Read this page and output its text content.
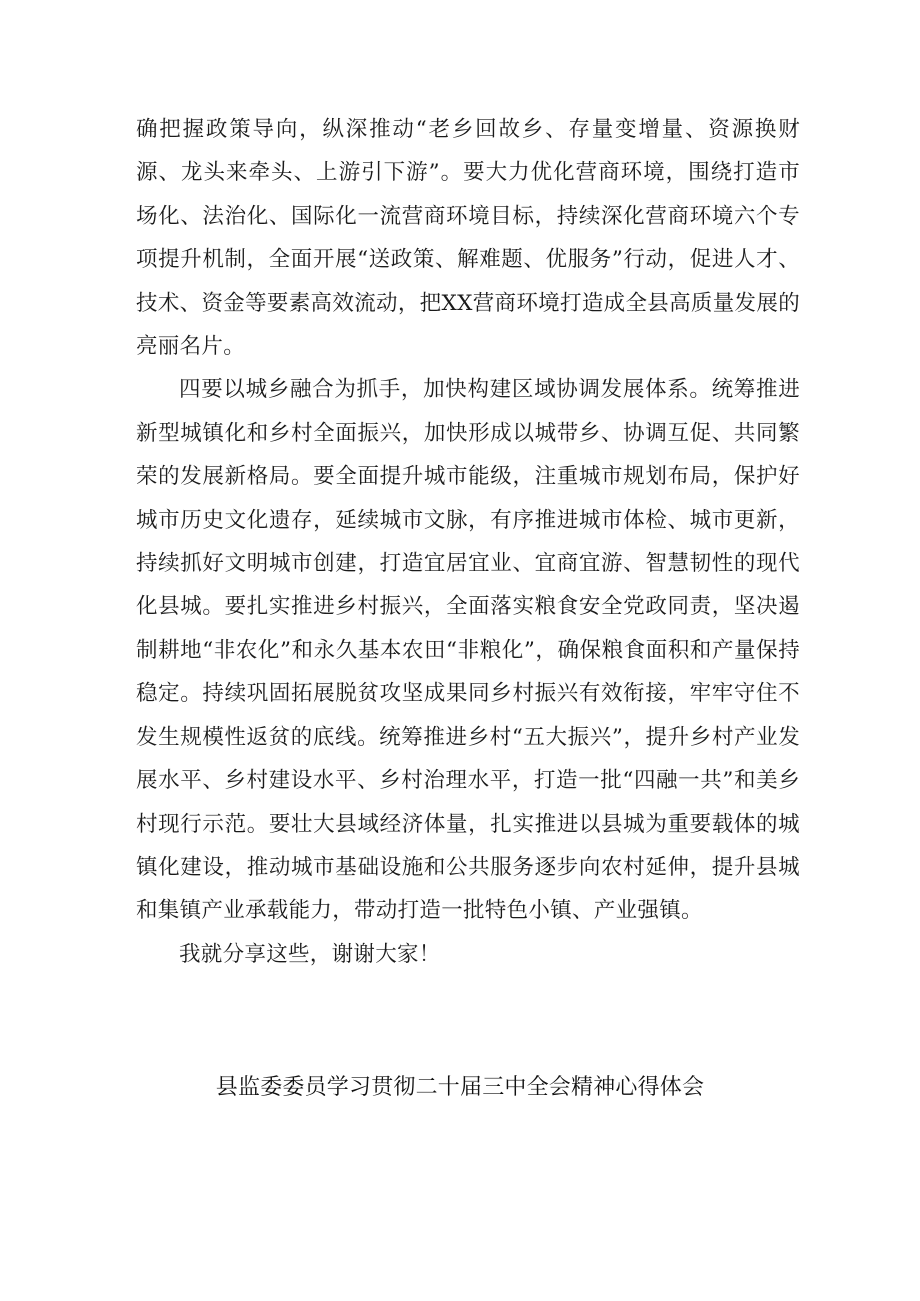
确把握政策导向，纵深推动“老乡回故乡、存量变增量、资源换财源、龙头来牵头、上游引下游”。要大力优化营商环境，围绕打造市场化、法治化、国际化一流营商环境目标，持续深化营商环境六个专项提升机制，全面开展“送政策、解难题、优服务”行动，促进人才、技术、资金等要素高效流动，把XX营商环境打造成全县高质量发展的亮丽名片。

四要以城乡融合为抓手，加快构建区域协调发展体系。统筹推进新型城镇化和乡村全面振兴，加快形成以城带乡、协调互促、共同繁荣的发展新格局。要全面提升城市能级，注重城市规划布局，保护好城市历史文化遗存，延续城市文脉，有序推进城市体检、城市更新，持续抓好文明城市创建，打造宜居宜业、宜商宜游、智慧韧性的现代化县城。要扎实推进乡村振兴，全面落实粮食安全党政同责，坚决遏制耕地“非农化”和永久基本农田“非粮化”，确保粮食面积和产量保持稳定。持续巩固拓展脱贫攻坚成果同乡村振兴有效衔接，牢牢守住不发生规模性返贫的底线。统筹推进乡村“五大振兴”，提升乡村产业发展水平、乡村建设水平、乡村治理水平，打造一批“四融一共”和美乡村现行示范。要壮大县域经济体量，扎实推进以县城为重要载体的城镇化建设，推动城市基础设施和公共服务逐步向农村延伸，提升县城和集镇产业承载能力，带动打造一批特色小镇、产业强镇。

我就分享这些，谢谢大家！

县监委委员学习贯彻二十届三中全会精神心得体会
